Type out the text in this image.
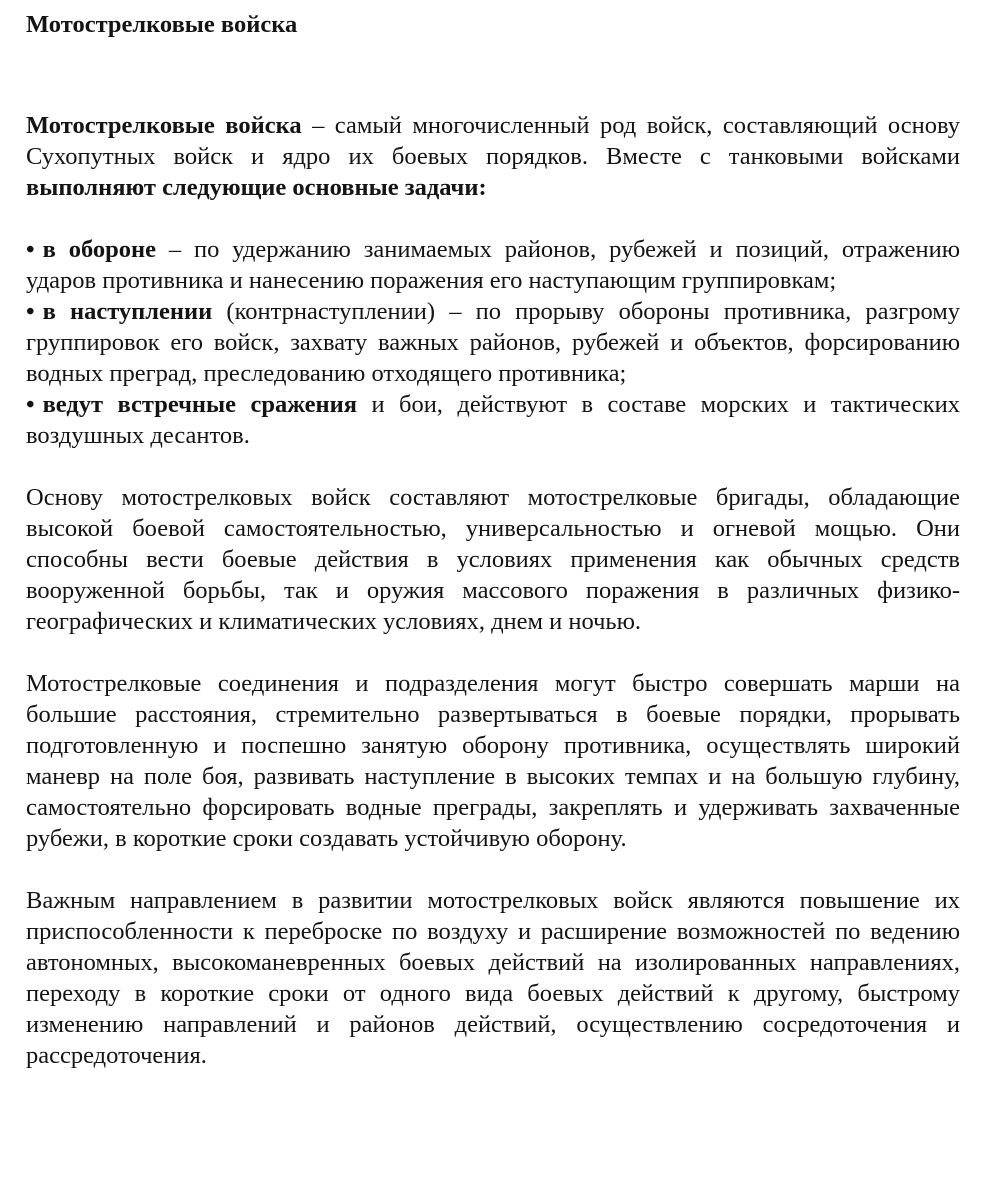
Мотострелковые войска

Мотострелковые войска – самый многочисленный род войск, составляющий основу Сухопутных войск и ядро их боевых порядков. Вместе с танковыми войсками выполняют следующие основные задачи:

• в обороне – по удержанию занимаемых районов, рубежей и позиций, отражению ударов противника и нанесению поражения его наступающим группировкам;

• в наступлении (контрнаступлении) – по прорыву обороны противника, разгрому группировок его войск, захвату важных районов, рубежей и объектов, форсированию водных преград, преследованию отходящего противника;

• ведут встречные сражения и бои, действуют в составе морских и тактических воздушных десантов.

Основу мотострелковых войск составляют мотострелковые бригады, обладающие высокой боевой самостоятельностью, универсальностью и огневой мощью. Они способны вести боевые действия в условиях применения как обычных средств вооруженной борьбы, так и оружия массового поражения в различных физико-географических и климатических условиях, днем и ночью.

Мотострелковые соединения и подразделения могут быстро совершать марши на большие расстояния, стремительно развертываться в боевые порядки, прорывать подготовленную и поспешно занятую оборону противника, осуществлять широкий маневр на поле боя, развивать наступление в высоких темпах и на большую глубину, самостоятельно форсировать водные преграды, закреплять и удерживать захваченные рубежи, в короткие сроки создавать устойчивую оборону.

Важным направлением в развитии мотострелковых войск являются повышение их приспособленности к переброске по воздуху и расширение возможностей по ведению автономных, высокоманевренных боевых действий на изолированных направлениях, переходу в короткие сроки от одного вида боевых действий к другому, быстрому изменению направлений и районов действий, осуществлению сосредоточения и рассредоточения.
